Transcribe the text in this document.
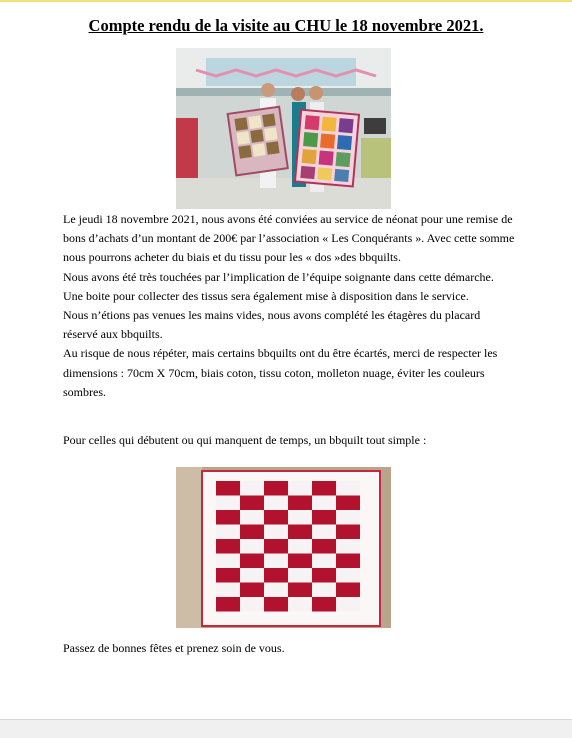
Compte rendu de la visite au CHU le 18 novembre 2021.

Le jeudi 18 novembre 2021, nous avons été conviées au service de néonat pour une remise de

bons d’achats d’un montant de 200€ par l’association « Les Conquérants ». Avec cette somme

nous pourrons acheter du biais et du tissu pour les « dos »des bbquilts.

Nous avons été très touchées par l’implication de l’équipe soignante dans cette démarche.

Une boite pour collecter des tissus sera également mise à disposition dans le service.

Nous n’étions pas venues les mains vides, nous avons complété les étagères du placard

réservé aux bbquilts.

Au risque de nous répéter, mais certains bbquilts ont du être écartés, merci de respecter les

dimensions : 70cm X 70cm, biais coton, tissu coton, molleton nuage, éviter les couleurs

sombres.

Pour celles qui débutent ou qui manquent de temps, un bbquilt tout simple :

Passez de bonnes fêtes et prenez soin de vous.
